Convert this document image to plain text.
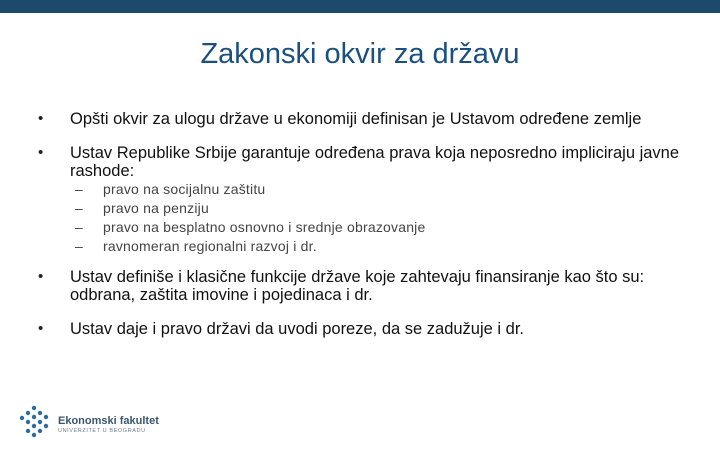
Zakonski okvir za državu
• Opšti okvir za ulogu države u ekonomiji definisan je Ustavom određene zemlje
• Ustav Republike Srbije garantuje određena prava koja neposredno impliciraju javne rashode:
– pravo na socijalnu zaštitu
– pravo na penziju
– pravo na besplatno osnovno i srednje obrazovanje
– ravnomeran regionalni razvoj i dr.
• Ustav definiše i klasične funkcije države koje zahtevaju finansiranje kao što su: odbrana, zaštita imovine i pojedinaca i dr.
• Ustav daje i pravo državi da uvodi poreze, da se zadužuje i dr.
Ekonomski fakultet
UNIVERZITET U BEOGRADU
